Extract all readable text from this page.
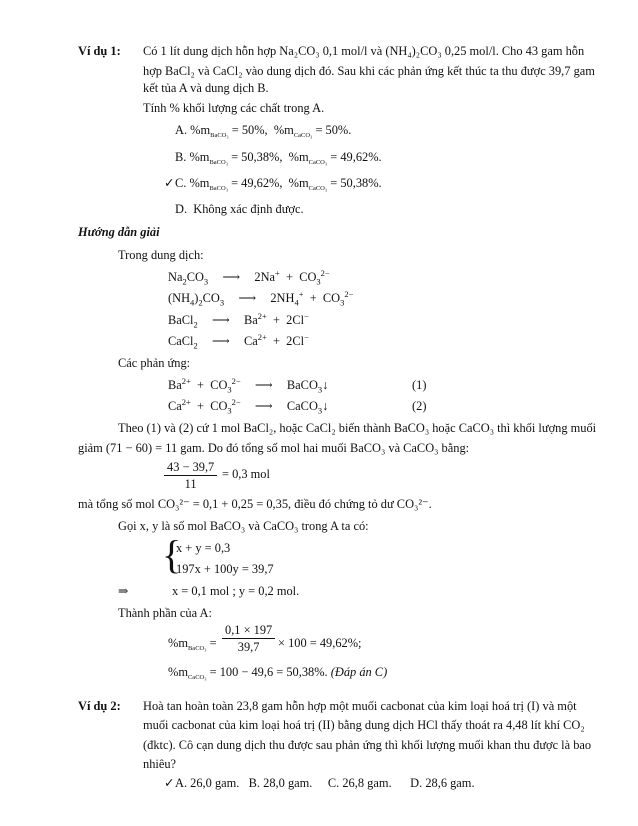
Ví dụ 1: Có 1 lít dung dịch hỗn hợp Na₂CO₃ 0,1 mol/l và (NH₄)₂CO₃ 0,25 mol/l. Cho 43 gam hỗn
hợp BaCl₂ và CaCl₂ vào dung dịch đó. Sau khi các phản ứng kết thúc ta thu được 39,7 gam
kết tủa A và dung dịch B.
Tính % khối lượng các chất trong A.
A. $\%m_{BaCO_3} = 50\%$,  $\%m_{CaCO_3} = 50\%$.
B. $\%m_{BaCO_3} = 50,38\%$,  $\%m_{CaCO_3} = 49,62\%$.
✓C. $\%m_{BaCO_3} = 49,62\%$,  $\%m_{CaCO_3} = 50,38\%$.
D. Không xác định được.
Hướng dẫn giải
Trong dung dịch:
$Na_2CO_3$ ⟶ $2Na^+ + CO_3^{2-}$
$(NH_4)_2CO_3$ ⟶ $2NH_4^+ + CO_3^{2-}$
BaCl$_2$ ⟶ $Ba^{2+} + 2Cl^-$
CaCl$_2$ ⟶ $Ca^{2+} + 2Cl^-$
Các phản ứng:
$Ba^{2+} + CO_3^{2-}$ ⟶ BaCO$_3$↓	(1)
$Ca^{2+} + CO_3^{2-}$ ⟶ CaCO$_3$↓	(2)
Theo (1) và (2) cứ 1 mol BaCl₂, hoặc CaCl₂ biến thành BaCO₃ hoặc CaCO₃ thì khối lượng muối
giảm (71 − 60) = 11 gam. Do đó tổng số mol hai muối BaCO₃ và CaCO₃ bằng:
$\frac{43 - 39,7}{11} = 0,3$ mol
mà tổng số mol CO₃²⁻ = 0,1 + 0,25 = 0,35, điều đó chứng tỏ dư CO₃²⁻.
Gọi x, y là số mol BaCO₃ và CaCO₃ trong A ta có:
{
x + y = 0,3
197x + 100y = 39,7
⇒	x = 0,1 mol ; y = 0,2 mol.
Thành phần của A:
$\%m_{BaCO_3} = \frac{0,1 \times 197}{39,7} \times 100 = 49,62\%$;
$\%m_{CaCO_3} = 100 - 49,6 = 50,38\%$. (Đáp án C)
Ví dụ 2: Hoà tan hoàn toàn 23,8 gam hỗn hợp một muối cacbonat của kim loại hoá trị (I) và một
muối cacbonat của kim loại hoá trị (II) bằng dung dịch HCl thấy thoát ra 4,48 lít khí CO₂
(đktc). Cô cạn dung dịch thu được sau phản ứng thì khối lượng muối khan thu được là bao
nhiêu?
✓A. 26,0 gam. B. 28,0 gam. C. 26,8 gam. D. 28,6 gam.
